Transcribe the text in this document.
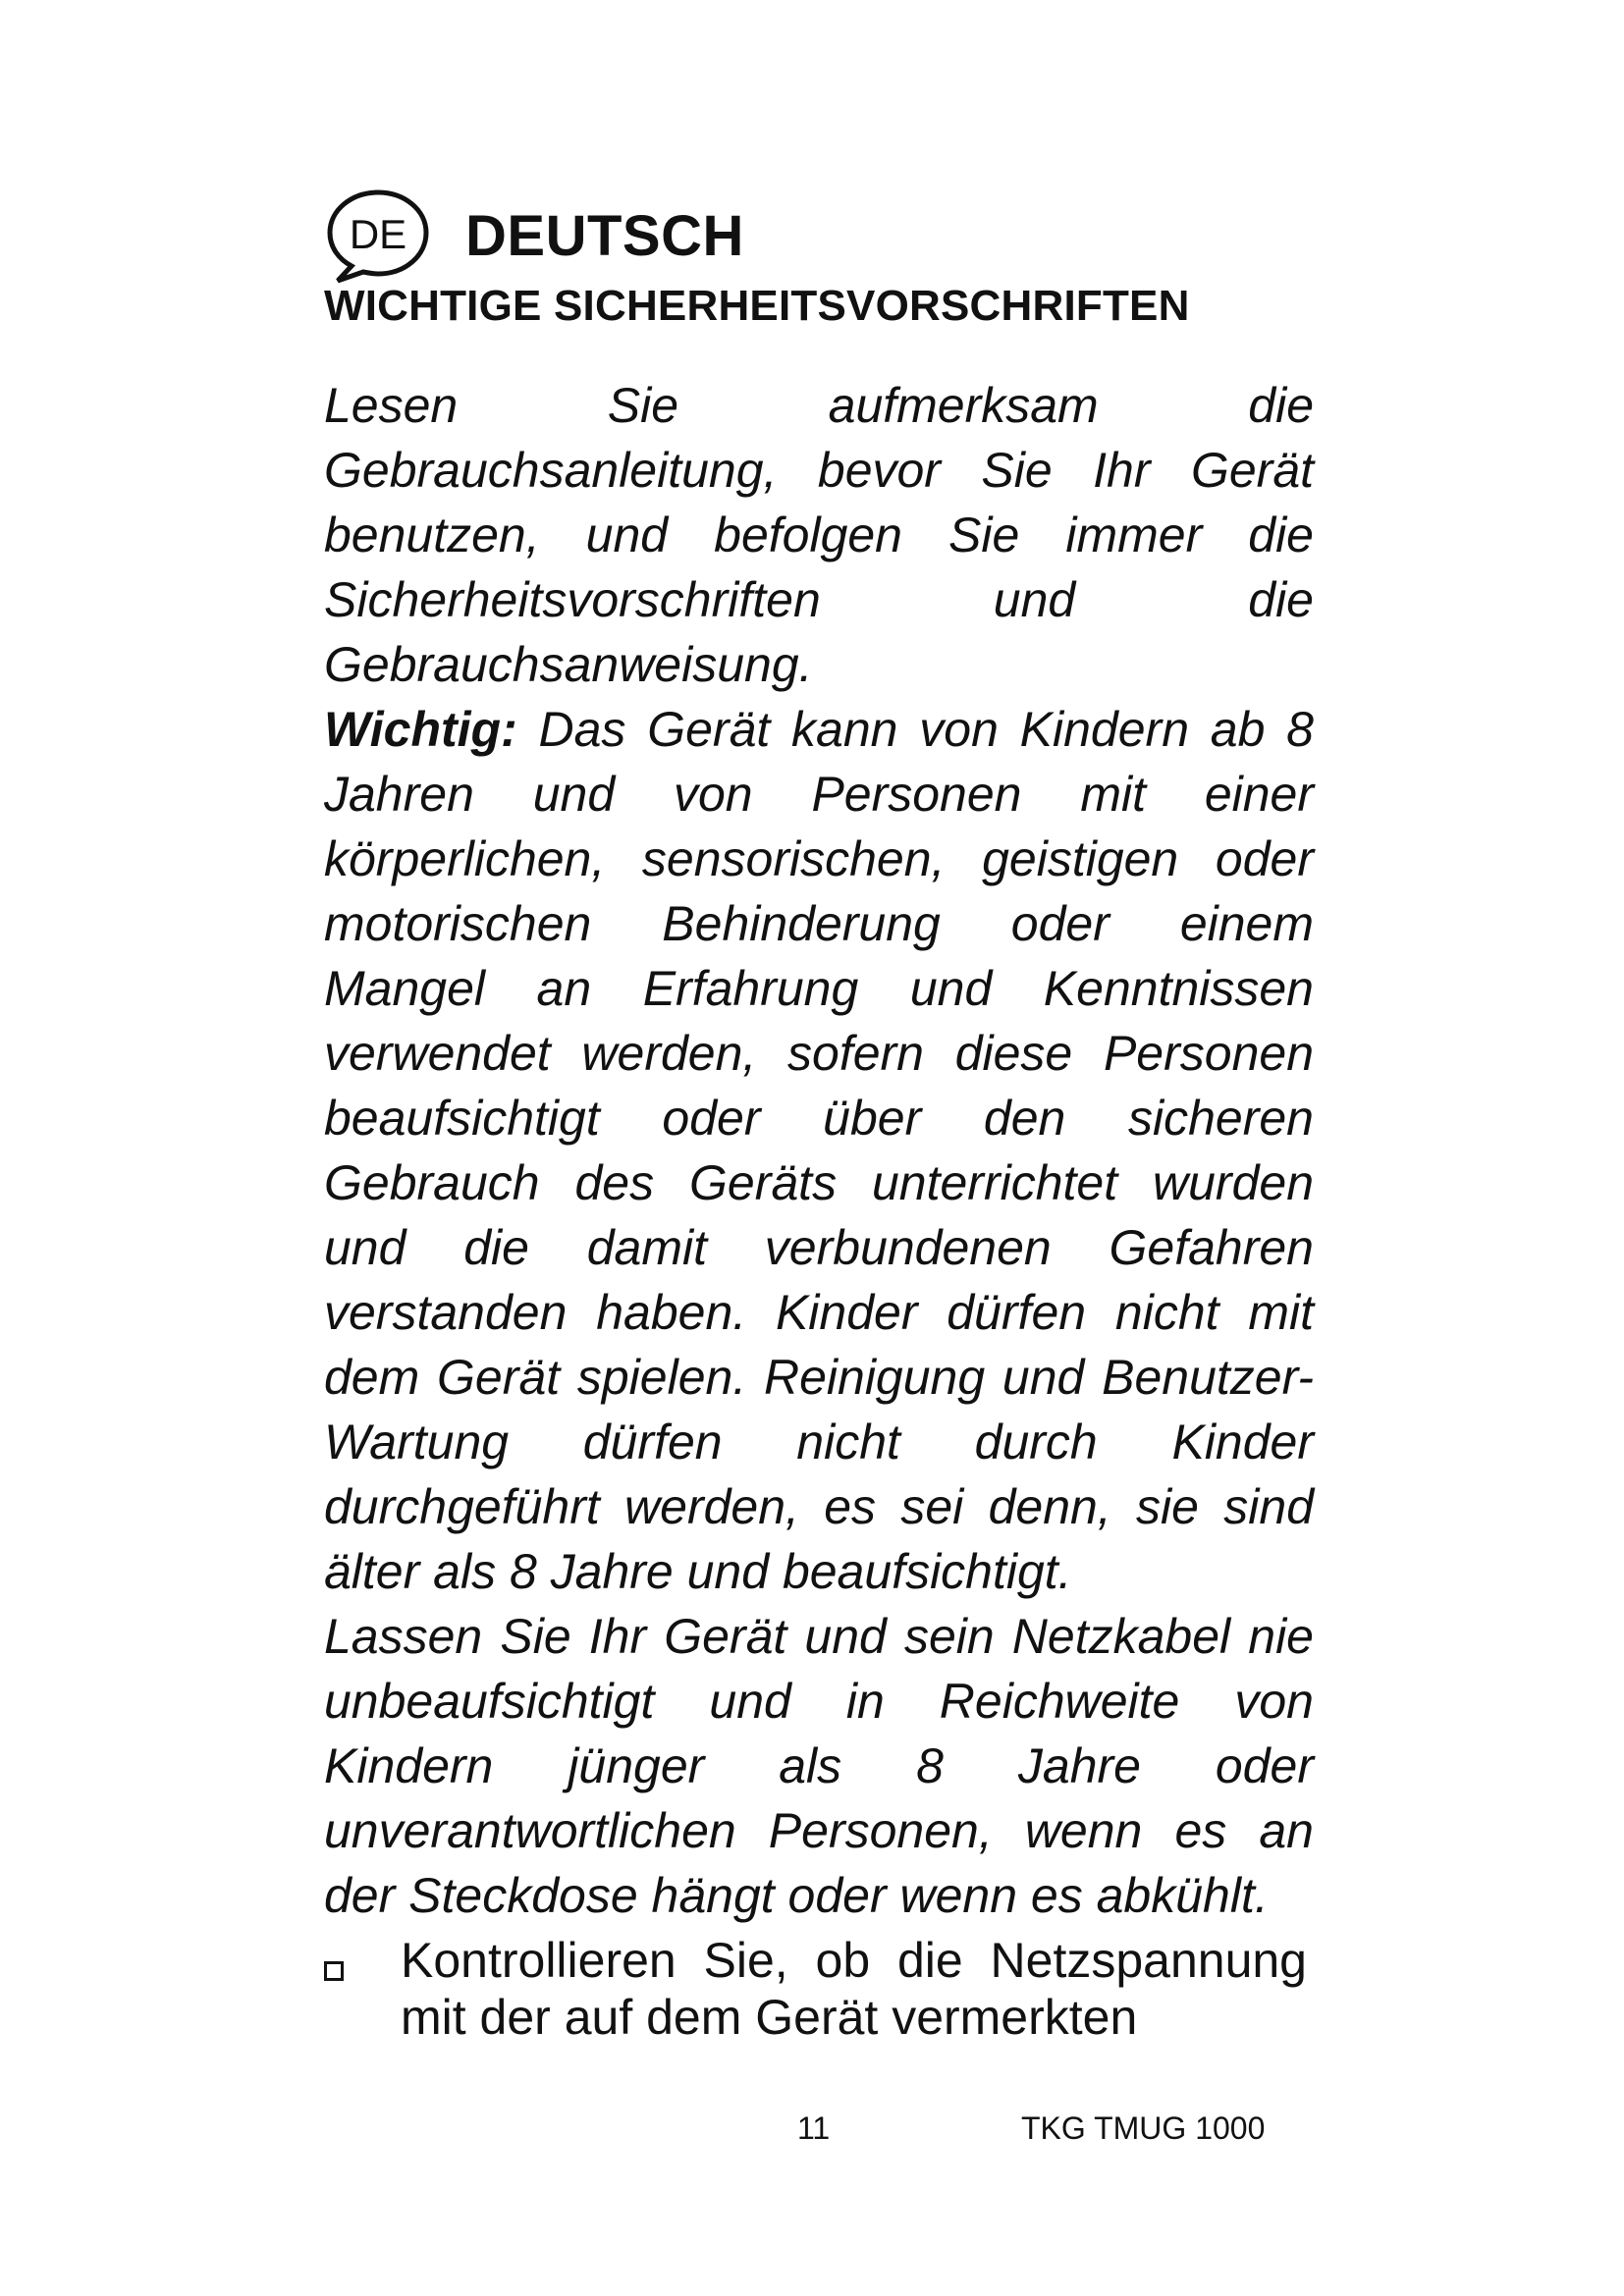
DE DEUTSCH
WICHTIGE SICHERHEITSVORSCHRIFTEN

Lesen Sie aufmerksam die Gebrauchsanleitung, bevor Sie Ihr Gerät benutzen, und befolgen Sie immer die Sicherheitsvorschriften und die Gebrauchsanweisung.

Wichtig: Das Gerät kann von Kindern ab 8 Jahren und von Personen mit einer körperlichen, sensorischen, geistigen oder motorischen Behinderung oder einem Mangel an Erfahrung und Kenntnissen verwendet werden, sofern diese Personen beaufsichtigt oder über den sicheren Gebrauch des Geräts unterrichtet wurden und die damit verbundenen Gefahren verstanden haben. Kinder dürfen nicht mit dem Gerät spielen. Reinigung und Benutzer-Wartung dürfen nicht durch Kinder durchgeführt werden, es sei denn, sie sind älter als 8 Jahre und beaufsichtigt.

Lassen Sie Ihr Gerät und sein Netzkabel nie unbeaufsichtigt und in Reichweite von Kindern jünger als 8 Jahre oder unverantwortlichen Personen, wenn es an der Steckdose hängt oder wenn es abkühlt.

Kontrollieren Sie, ob die Netzspannung mit der auf dem Gerät vermerkten
11	TKG TMUG 1000
